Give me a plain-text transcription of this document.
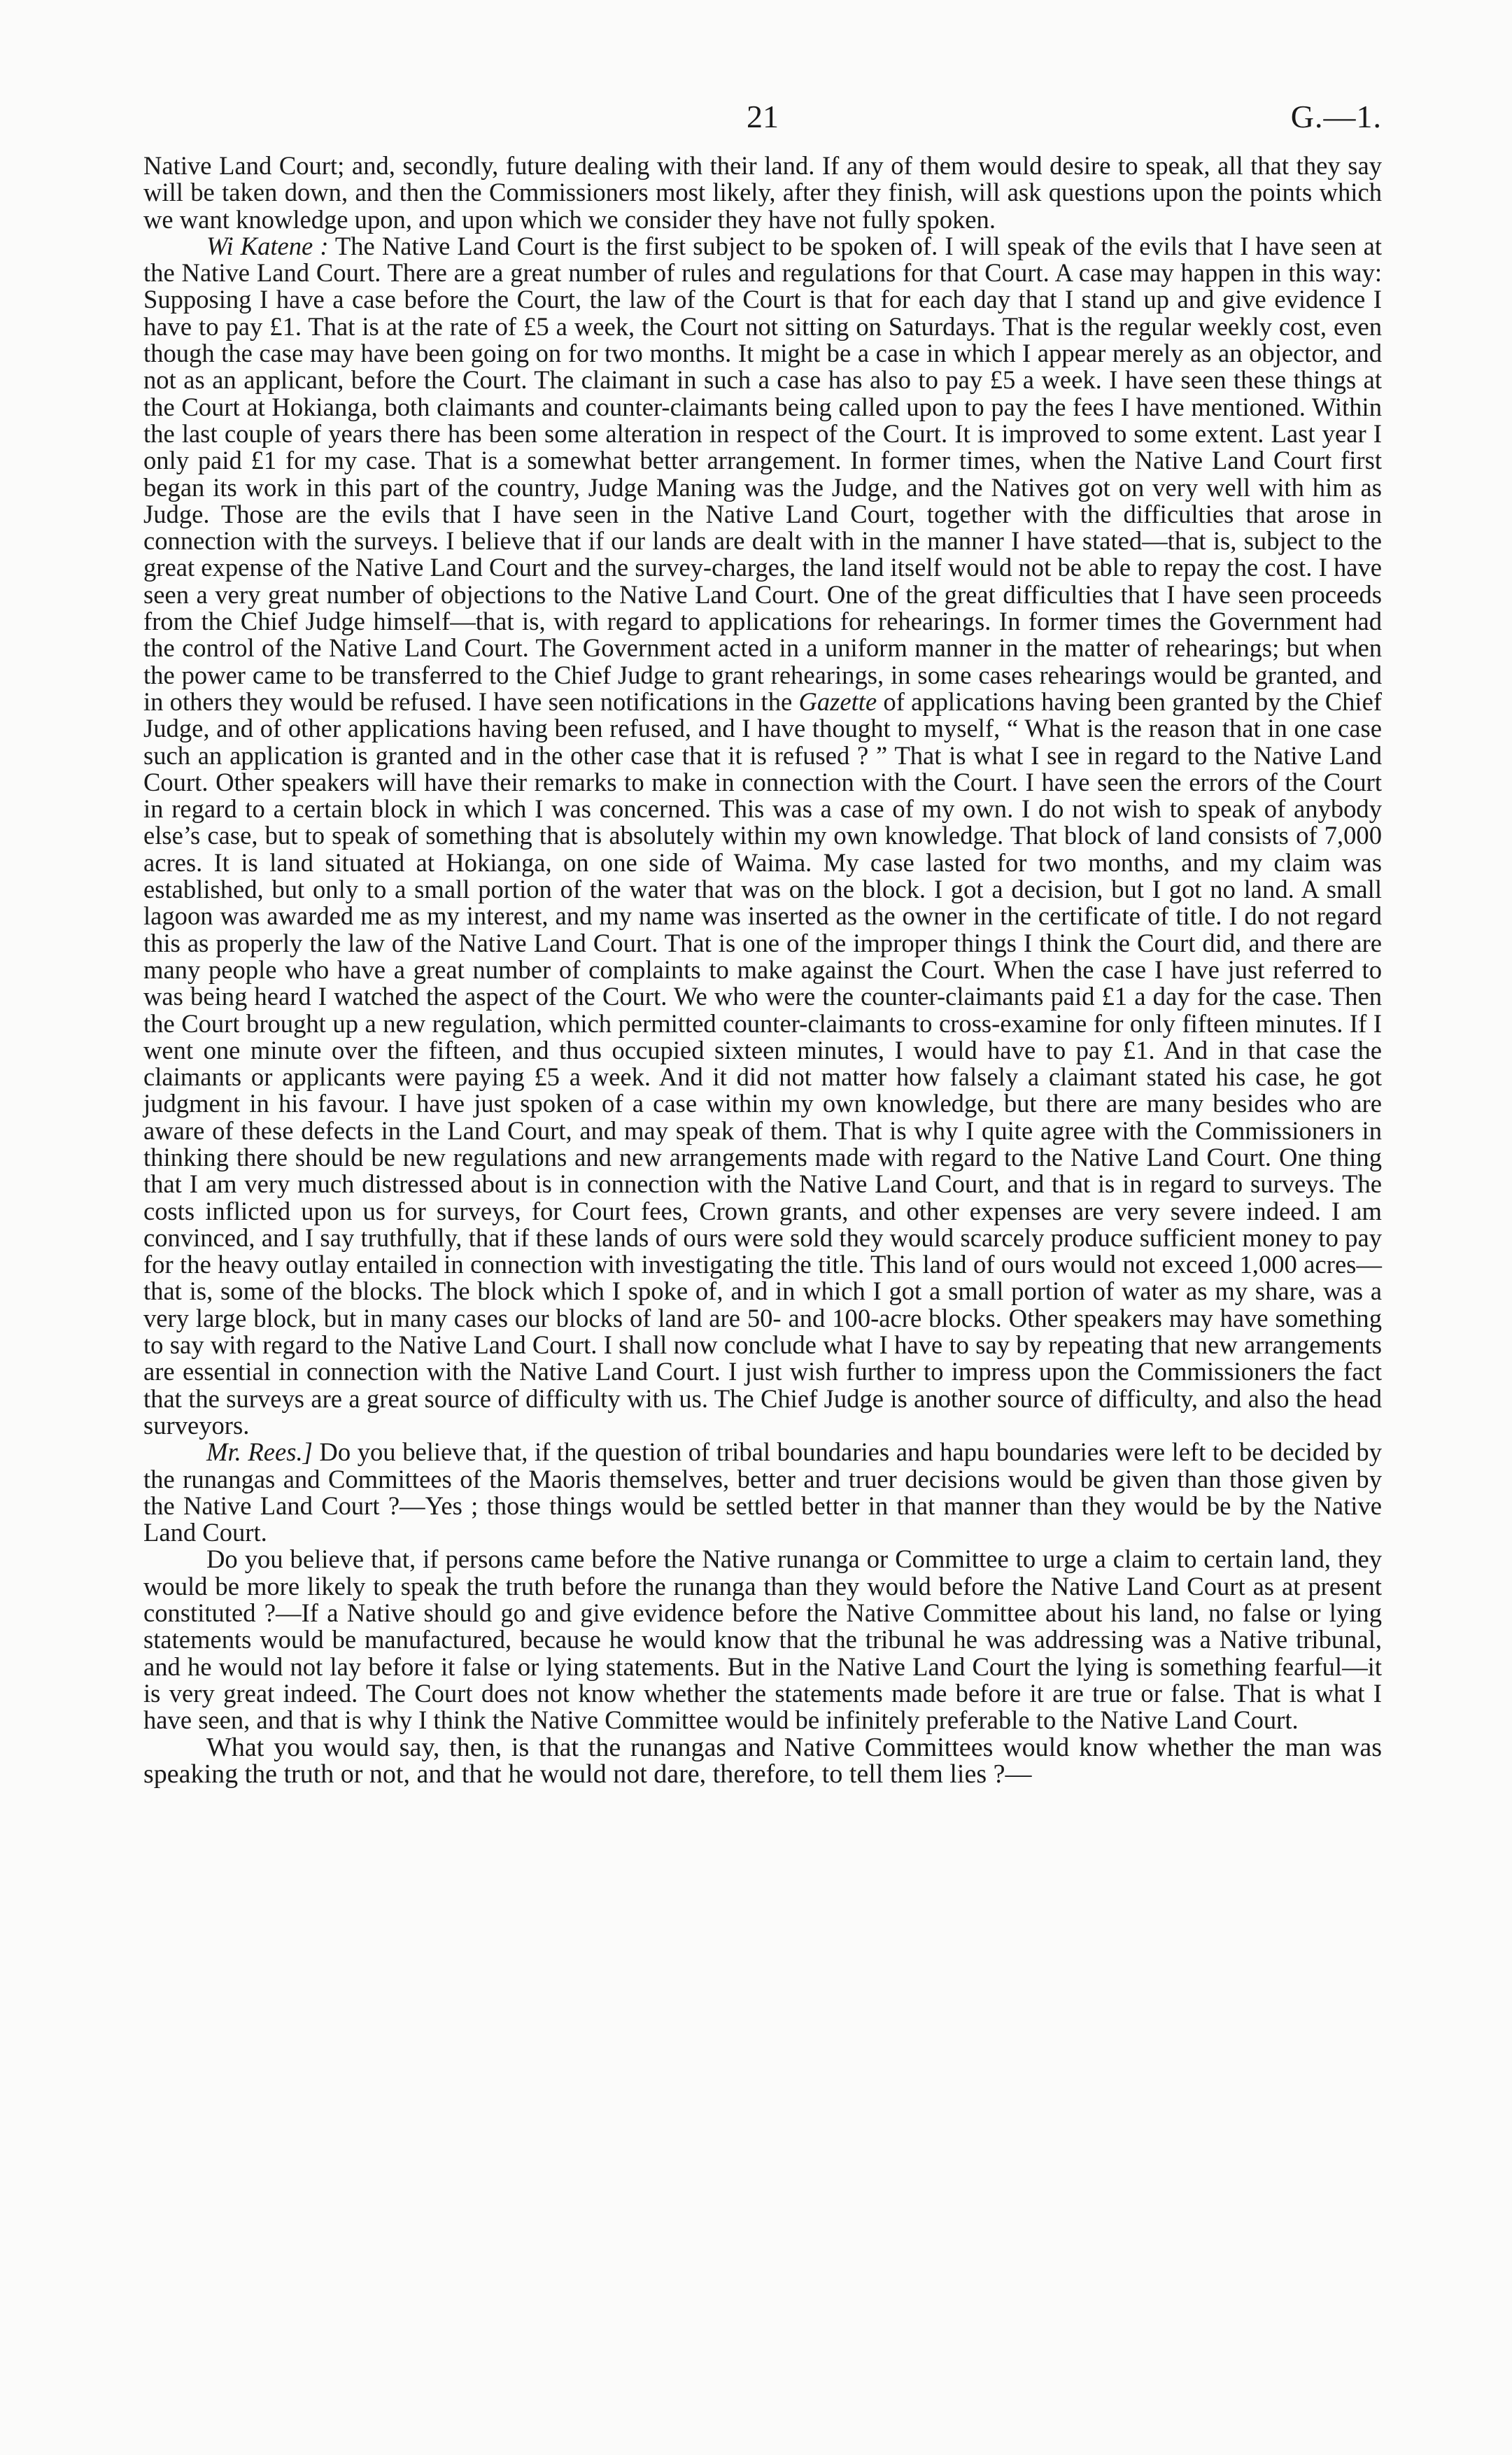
21	G.—1.

Native Land Court; and, secondly, future dealing with their land. If any of them would desire to speak, all that they say will be taken down, and then the Commissioners most likely, after they finish, will ask questions upon the points which we want knowledge upon, and upon which we consider they have not fully spoken.

Wi Katene : The Native Land Court is the first subject to be spoken of. I will speak of the evils that I have seen at the Native Land Court. There are a great number of rules and regulations for that Court. A case may happen in this way: Supposing I have a case before the Court, the law of the Court is that for each day that I stand up and give evidence I have to pay £1. That is at the rate of £5 a week, the Court not sitting on Saturdays. That is the regular weekly cost, even though the case may have been going on for two months. It might be a case in which I appear merely as an objector, and not as an applicant, before the Court. The claimant in such a case has also to pay £5 a week. I have seen these things at the Court at Hokianga, both claimants and counter-claimants being called upon to pay the fees I have mentioned. Within the last couple of years there has been some alteration in respect of the Court. It is improved to some extent. Last year I only paid £1 for my case. That is a somewhat better arrangement. In former times, when the Native Land Court first began its work in this part of the country, Judge Maning was the Judge, and the Natives got on very well with him as Judge. Those are the evils that I have seen in the Native Land Court, together with the difficulties that arose in connection with the surveys. I believe that if our lands are dealt with in the manner I have stated—that is, subject to the great expense of the Native Land Court and the survey-charges, the land itself would not be able to repay the cost. I have seen a very great number of objections to the Native Land Court. One of the great difficulties that I have seen proceeds from the Chief Judge himself—that is, with regard to applications for rehearings. In former times the Government had the control of the Native Land Court. The Government acted in a uniform manner in the matter of rehearings; but when the power came to be transferred to the Chief Judge to grant rehearings, in some cases rehearings would be granted, and in others they would be refused. I have seen notifications in the Gazette of applications having been granted by the Chief Judge, and of other applications having been refused, and I have thought to myself, “ What is the reason that in one case such an application is granted and in the other case that it is refused ? ” That is what I see in regard to the Native Land Court. Other speakers will have their remarks to make in connection with the Court. I have seen the errors of the Court in regard to a certain block in which I was concerned. This was a case of my own. I do not wish to speak of anybody else’s case, but to speak of something that is absolutely within my own knowledge. That block of land consists of 7,000 acres. It is land situated at Hokianga, on one side of Waima. My case lasted for two months, and my claim was established, but only to a small portion of the water that was on the block. I got a decision, but I got no land. A small lagoon was awarded me as my interest, and my name was inserted as the owner in the certificate of title. I do not regard this as properly the law of the Native Land Court. That is one of the improper things I think the Court did, and there are many people who have a great number of complaints to make against the Court. When the case I have just referred to was being heard I watched the aspect of the Court. We who were the counter-claimants paid £1 a day for the case. Then the Court brought up a new regulation, which permitted counter-claimants to cross-examine for only fifteen minutes. If I went one minute over the fifteen, and thus occupied sixteen minutes, I would have to pay £1. And in that case the claimants or applicants were paying £5 a week. And it did not matter how falsely a claimant stated his case, he got judgment in his favour. I have just spoken of a case within my own knowledge, but there are many besides who are aware of these defects in the Land Court, and may speak of them. That is why I quite agree with the Commissioners in thinking there should be new regulations and new arrangements made with regard to the Native Land Court. One thing that I am very much distressed about is in connection with the Native Land Court, and that is in regard to surveys. The costs inflicted upon us for surveys, for Court fees, Crown grants, and other expenses are very severe indeed. I am convinced, and I say truthfully, that if these lands of ours were sold they would scarcely produce sufficient money to pay for the heavy outlay entailed in connection with investigating the title. This land of ours would not exceed 1,000 acres—that is, some of the blocks. The block which I spoke of, and in which I got a small portion of water as my share, was a very large block, but in many cases our blocks of land are 50- and 100-acre blocks. Other speakers may have something to say with regard to the Native Land Court. I shall now conclude what I have to say by repeating that new arrangements are essential in connection with the Native Land Court. I just wish further to impress upon the Commissioners the fact that the surveys are a great source of difficulty with us. The Chief Judge is another source of difficulty, and also the head surveyors.

Mr. Rees.] Do you believe that, if the question of tribal boundaries and hapu boundaries were left to be decided by the runangas and Committees of the Maoris themselves, better and truer decisions would be given than those given by the Native Land Court ?—Yes ; those things would be settled better in that manner than they would be by the Native Land Court.

Do you believe that, if persons came before the Native runanga or Committee to urge a claim to certain land, they would be more likely to speak the truth before the runanga than they would before the Native Land Court as at present constituted ?—If a Native should go and give evidence before the Native Committee about his land, no false or lying statements would be manufactured, because he would know that the tribunal he was addressing was a Native tribunal, and he would not lay before it false or lying statements. But in the Native Land Court the lying is something fearful—it is very great indeed. The Court does not know whether the statements made before it are true or false. That is what I have seen, and that is why I think the Native Committee would be infinitely preferable to the Native Land Court.

What you would say, then, is that the runangas and Native Committees would know whether the man was speaking the truth or not, and that he would not dare, therefore, to tell them lies ?—
